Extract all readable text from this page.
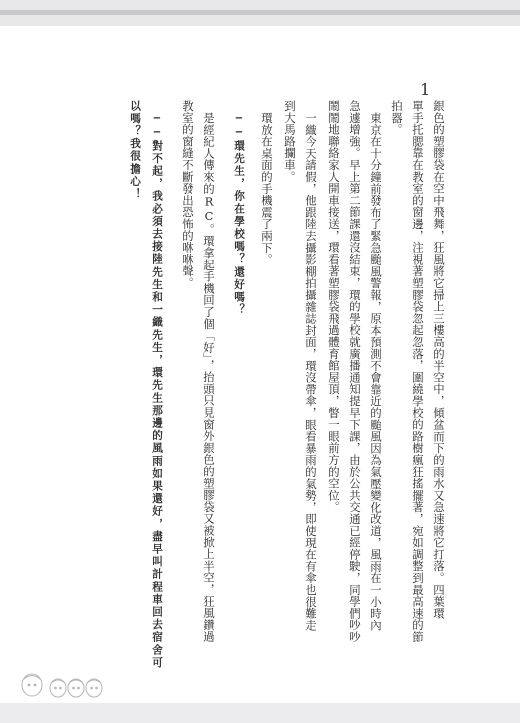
1
銀色的塑膠袋在空中飛舞，狂風將它掃上三樓高的半空中，傾盆而下的雨水又急速將它打落。四葉環
單手托腮靠在教室的窗邊，注視著塑膠袋忽起忽落，圍繞學校的路樹瘋狂搖擺著，宛如調整到最高速的節
拍器。
東京在十分鐘前發布了緊急颱風警報，原本預測不會靠近的颱風因為氣壓變化改道，風雨在一小時內
急遽增強。早上第二節課還沒結束，環的學校就廣播通知提早下課，由於公共交通已經停駛，同學們吵吵
鬧鬧地聯絡家人開車接送，環看著塑膠袋飛過體育館屋頂，瞥一眼前方的空位。
一織今天請假，他跟陸去攝影棚拍攝雜誌封面，環沒帶傘，眼看暴雨的氣勢，即使現在有傘也很難走
到大馬路攔車。
環放在桌面的手機震了兩下。
——環先生，你在學校嗎？還好嗎？
是經紀人傳來的RC。環拿起手機回了個「好」，抬頭只見窗外銀色的塑膠袋又被掀上半空，狂風鑽過
教室的窗縫不斷發出恐怖的咻咻聲。
——對不起，我必須去接陸先生和一織先生，環先生那邊的風雨如果還好，盡早叫計程車回去宿舍可
以嗎？我很擔心！
